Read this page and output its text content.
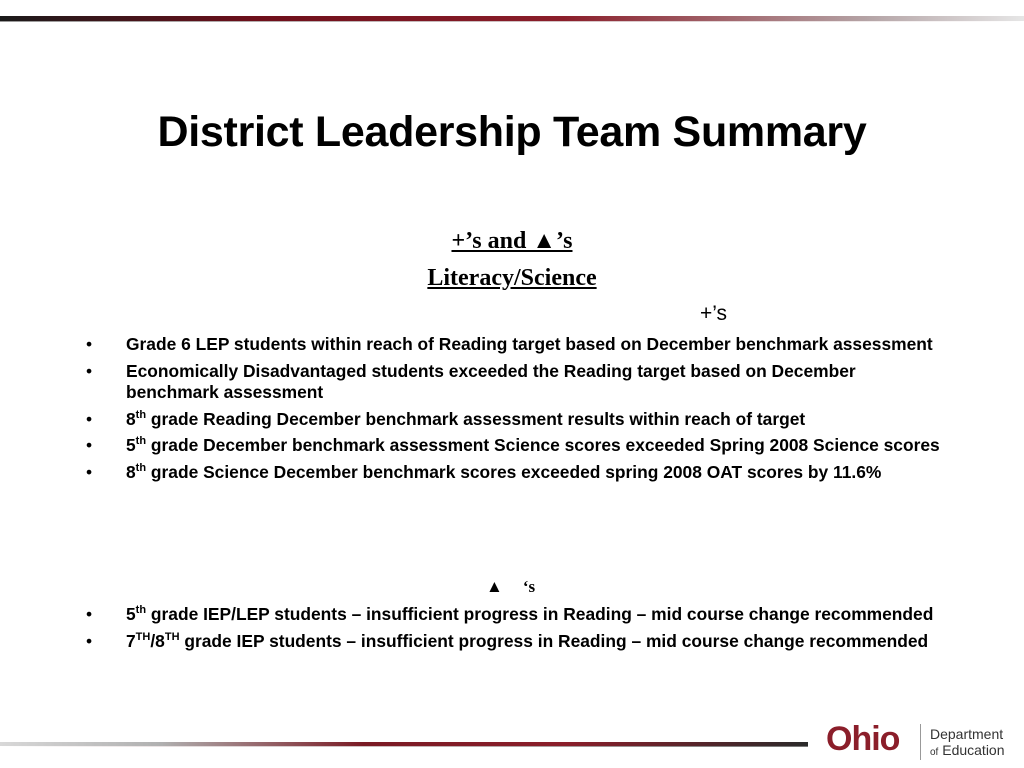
District Leadership Team Summary
+’s and ▲’s
Literacy/Science
+’s
• Grade 6 LEP students within reach of Reading target based on December benchmark assessment
• Economically Disadvantaged students exceeded the Reading target based on December benchmark assessment
• 8th grade Reading December benchmark assessment results within reach of target
• 5th grade December benchmark assessment Science scores exceeded Spring 2008 Science scores
• 8th grade Science December benchmark scores exceeded spring 2008 OAT scores by 11.6%
▲ ‘s
• 5th grade IEP/LEP students – insufficient progress in Reading – mid course change recommended
• 7TH/8TH grade IEP students – insufficient progress in Reading – mid course change recommended
Ohio Department
of Education
